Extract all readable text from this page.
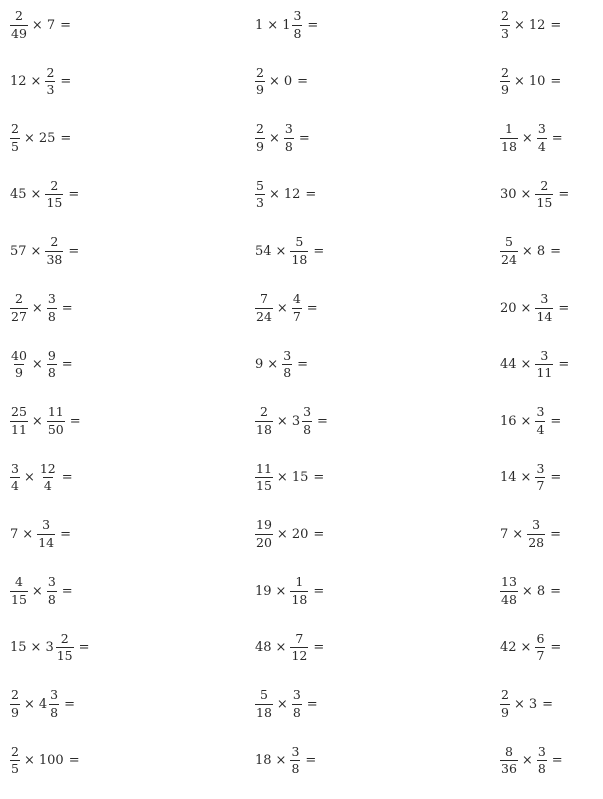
$\frac{2}{49} \times 7$ =
$12 \times \frac{2}{3}$ =
$\frac{2}{5} \times 25$ =
$45 \times \frac{2}{15}$ =
$57 \times \frac{2}{38}$ =
$\frac{2}{27} \times \frac{3}{8}$ =
$\frac{40}{9} \times \frac{9}{8}$ =
$\frac{25}{11} \times \frac{11}{50}$ =
$\frac{3}{4} \times \frac{12}{4}$ =
$7 \times \frac{3}{14}$ =
$\frac{4}{15} \times \frac{3}{8}$ =
$15 \times 3 \frac{2}{15}$ =
$\frac{2}{9} \times 4 \frac{3}{8}$ =
$\frac{2}{5} \times 100$ =
$1 \times 1 \frac{3}{8}$ =
$\frac{2}{9} \times 0$ =
$\frac{2}{9} \times \frac{3}{8}$ =
$\frac{5}{3} \times 12$ =
$54 \times \frac{5}{18}$ =
$\frac{7}{24} \times \frac{4}{7}$ =
$9 \times \frac{3}{8}$ =
$\frac{2}{18} \times 3 \frac{3}{8}$ =
$\frac{11}{15} \times 15$ =
$\frac{19}{20} \times 20$ =
$19 \times \frac{1}{18}$ =
$48 \times \frac{7}{12}$ =
$\frac{5}{18} \times \frac{3}{8}$ =
$18 \times \frac{3}{8}$ =
$\frac{2}{3} \times 12$ =
$\frac{2}{9} \times 10$ =
$\frac{1}{18} \times \frac{3}{4}$ =
$30 \times \frac{2}{15}$ =
$\frac{5}{24} \times 8$ =
$20 \times \frac{3}{14}$ =
$44 \times \frac{3}{11}$ =
$16 \times \frac{3}{4}$ =
$14 \times \frac{3}{7}$ =
$7 \times \frac{3}{28}$ =
$\frac{13}{48} \times 8$ =
$42 \times \frac{6}{7}$ =
$\frac{2}{9} \times 3$ =
$\frac{8}{36} \times \frac{3}{8}$ =
